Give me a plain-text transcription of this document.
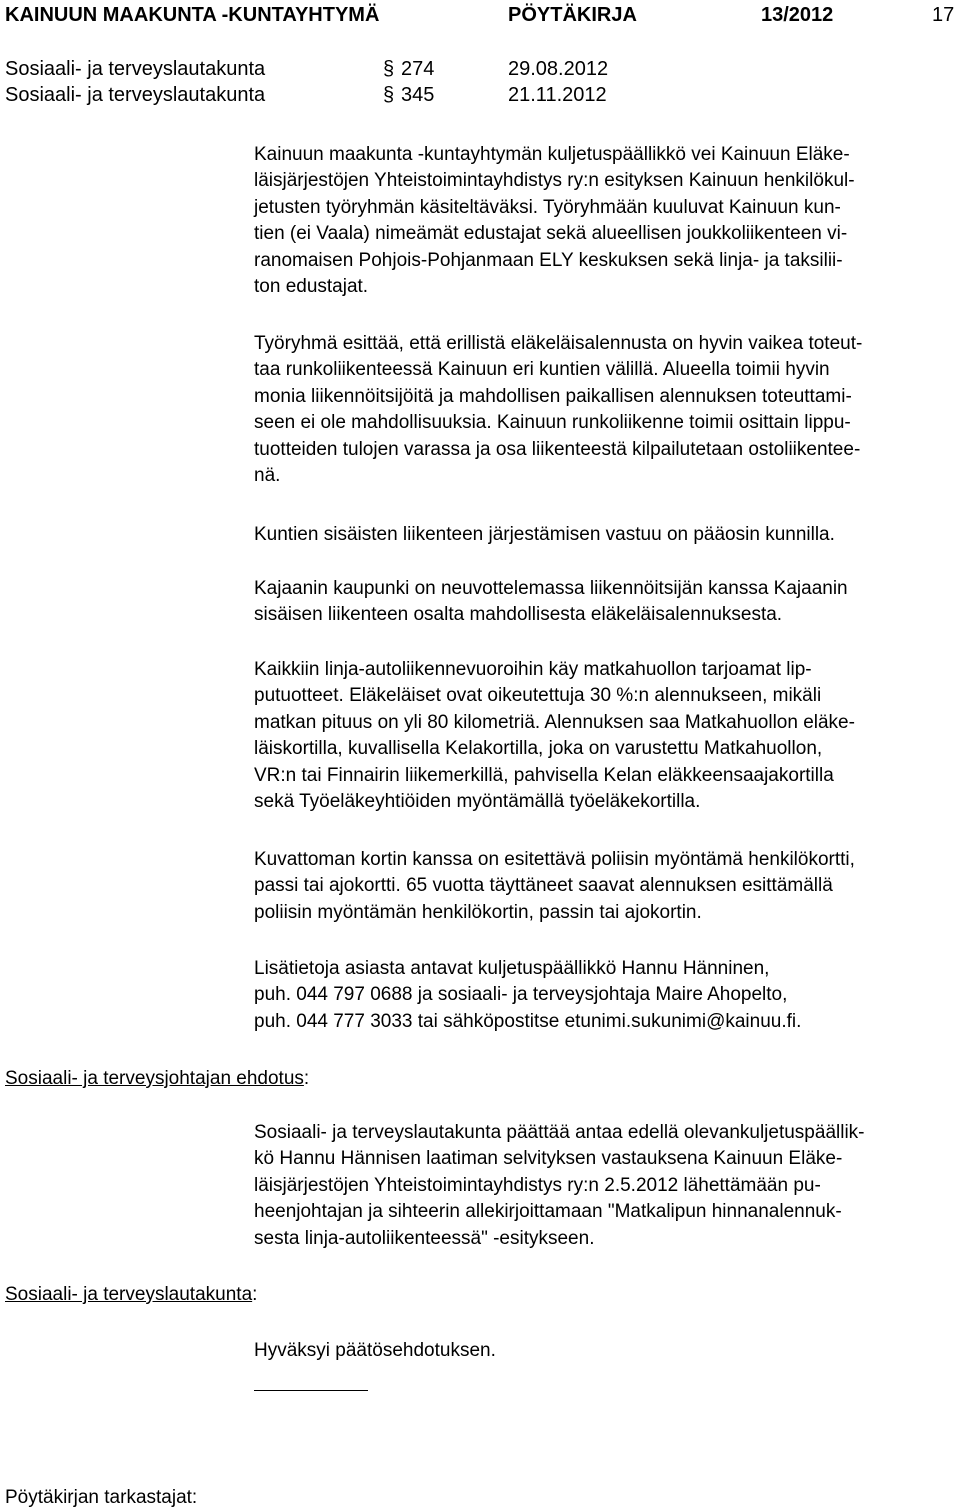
KAINUUN MAAKUNTA -KUNTAYHTYMÄ	PÖYTÄKIRJA	13/2012	17
Sosiaali- ja terveyslautakunta	§ 274	29.08.2012
Sosiaali- ja terveyslautakunta	§ 345	21.11.2012
Kainuun maakunta -kuntayhtymän kuljetuspäällikkö vei Kainuun Eläke-
läisjärjestöjen Yhteistoimintayhdistys ry:n esityksen Kainuun henkilökul-
jetusten työryhmän käsiteltäväksi. Työryhmään kuuluvat Kainuun kun-
tien (ei Vaala) nimeämät edustajat sekä alueellisen joukkoliikenteen vi-
ranomaisen Pohjois-Pohjanmaan ELY keskuksen sekä linja- ja taksilii-
ton edustajat.
Työryhmä esittää, että erillistä eläkeläisalennusta on hyvin vaikea toteut-
taa runkoliikenteessä Kainuun eri kuntien välillä. Alueella toimii hyvin
monia liikennöitsijöitä ja mahdollisen paikallisen alennuksen toteuttami-
seen ei ole mahdollisuuksia. Kainuun runkoliikenne toimii osittain lippu-
tuotteiden tulojen varassa ja osa liikenteestä kilpailutetaan ostoliikentee-
nä.
Kuntien sisäisten liikenteen järjestämisen vastuu on pääosin kunnilla.
Kajaanin kaupunki on neuvottelemassa liikennöitsijän kanssa Kajaanin
sisäisen liikenteen osalta mahdollisesta eläkeläisalennuksesta.
Kaikkiin linja-autoliikennevuoroihin käy matkahuollon tarjoamat lip-
putuotteet. Eläkeläiset ovat oikeutettuja 30 %:n alennukseen, mikäli
matkan pituus on yli 80 kilometriä. Alennuksen saa Matkahuollon eläke-
läiskortilla, kuvallisella Kelakortilla, joka on varustettu Matkahuollon,
VR:n tai Finnairin liikemerkillä, pahvisella Kelan eläkkeensaajakortilla
sekä Työeläkeyhtiöiden myöntämällä työeläkekortilla.
Kuvattoman kortin kanssa on esitettävä poliisin myöntämä henkilökortti,
passi tai ajokortti. 65 vuotta täyttäneet saavat alennuksen esittämällä
poliisin myöntämän henkilökortin, passin tai ajokortin.
Lisätietoja asiasta antavat kuljetuspäällikkö Hannu Hänninen,
puh. 044 797 0688 ja sosiaali- ja terveysjohtaja Maire Ahopelto,
puh. 044 777 3033 tai sähköpostitse etunimi.sukunimi@kainuu.fi.
Sosiaali- ja terveyslautakunta päättää antaa edellä olevankuljetuspäällik-
kö Hannu Hännisen laatiman selvityksen vastauksena Kainuun Eläke-
läisjärjestöjen Yhteistoimintayhdistys ry:n 2.5.2012 lähettämään pu-
heenjohtajan ja sihteerin allekirjoittamaan "Matkalipun hinnanalennuk-
sesta linja-autoliikenteessä" -esitykseen.
Hyväksyi päätösehdotuksen.
Sosiaali- ja terveysjohtajan ehdotus:
Sosiaali- ja terveyslautakunta:
Pöytäkirjan tarkastajat:
